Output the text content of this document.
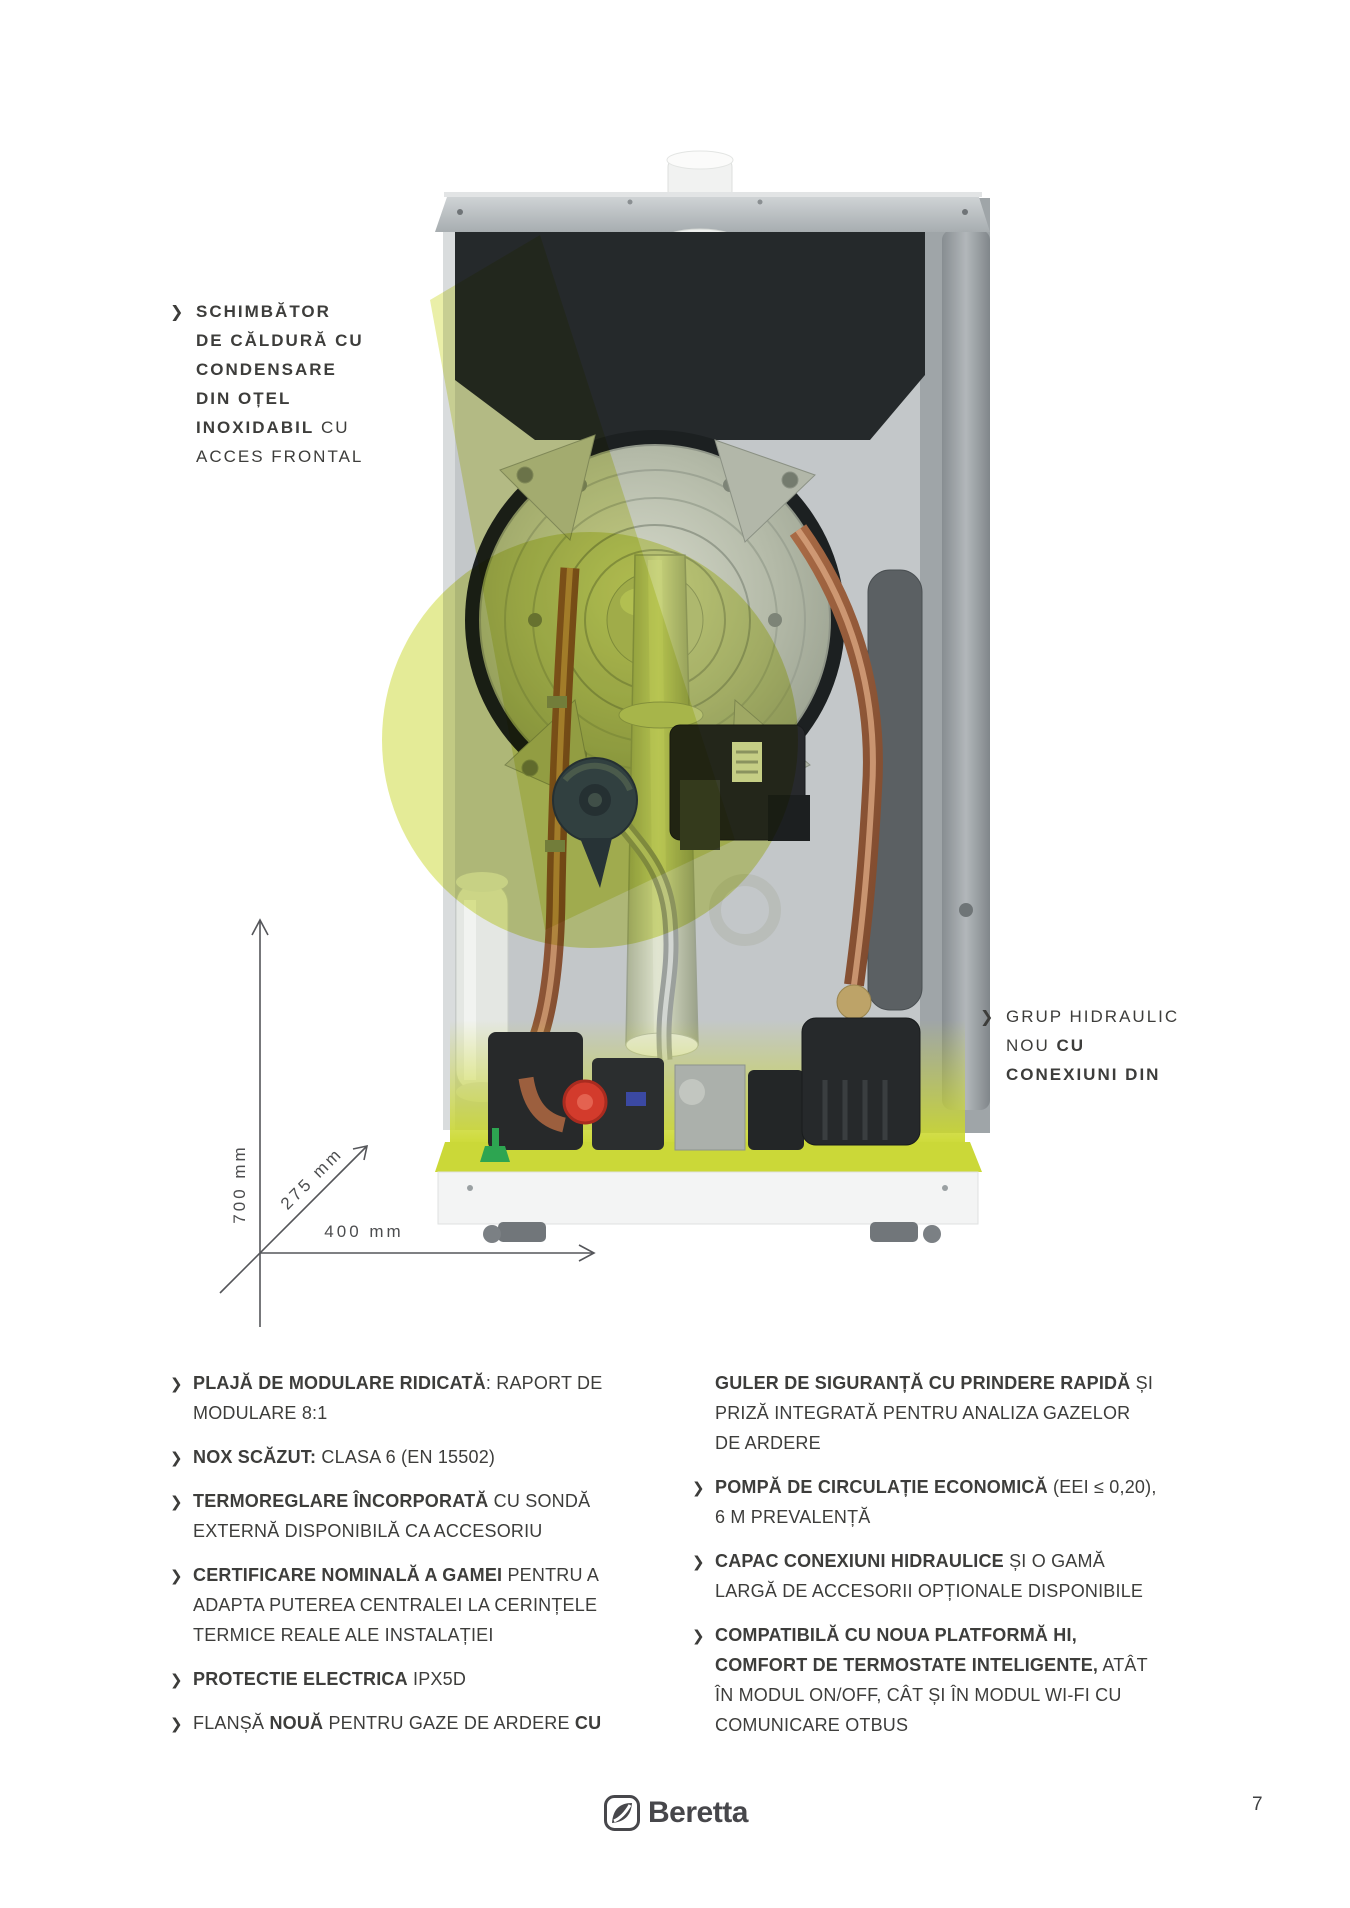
❯ SCHIMBĂTOR
DE CĂLDURĂ CU
CONDENSARE
DIN OȚEL
INOXIDABIL CU
ACCES FRONTAL
❯ GRUP HIDRAULIC
NOU CU
CONEXIUNI DIN
700 mm 275 mm
400 mm
❯ PLAJĂ DE MODULARE RIDICATĂ: RAPORT DE
MODULARE 8:1
❯ NOX SCĂZUT: CLASA 6 (EN 15502)
❯ TERMOREGLARE ÎNCORPORATĂ CU SONDĂ
EXTERNĂ DISPONIBILĂ CA ACCESORIU
❯ CERTIFICARE NOMINALĂ A GAMEI PENTRU A
ADAPTA PUTEREA CENTRALEI LA CERINȚELE
TERMICE REALE ALE INSTALAȚIEI
❯ PROTECTIE ELECTRICA IPX5D
❯ FLANȘĂ NOUĂ PENTRU GAZE DE ARDERE CU
GULER DE SIGURANȚĂ CU PRINDERE RAPIDĂ ȘI
PRIZĂ INTEGRATĂ PENTRU ANALIZA GAZELOR
DE ARDERE
❯ POMPĂ DE CIRCULAȚIE ECONOMICĂ (EEI ≤ 0,20),
6 M PREVALENȚĂ
❯ CAPAC CONEXIUNI HIDRAULICE ȘI O GAMĂ
LARGĂ DE ACCESORII OPȚIONALE DISPONIBILE
❯ COMPATIBILĂ CU NOUA PLATFORMĂ HI,
COMFORT DE TERMOSTATE INTELIGENTE, ATÂT
ÎN MODUL ON/OFF, CÂT ȘI ÎN MODUL WI-FI CU
COMUNICARE OTBUS
Beretta	7
